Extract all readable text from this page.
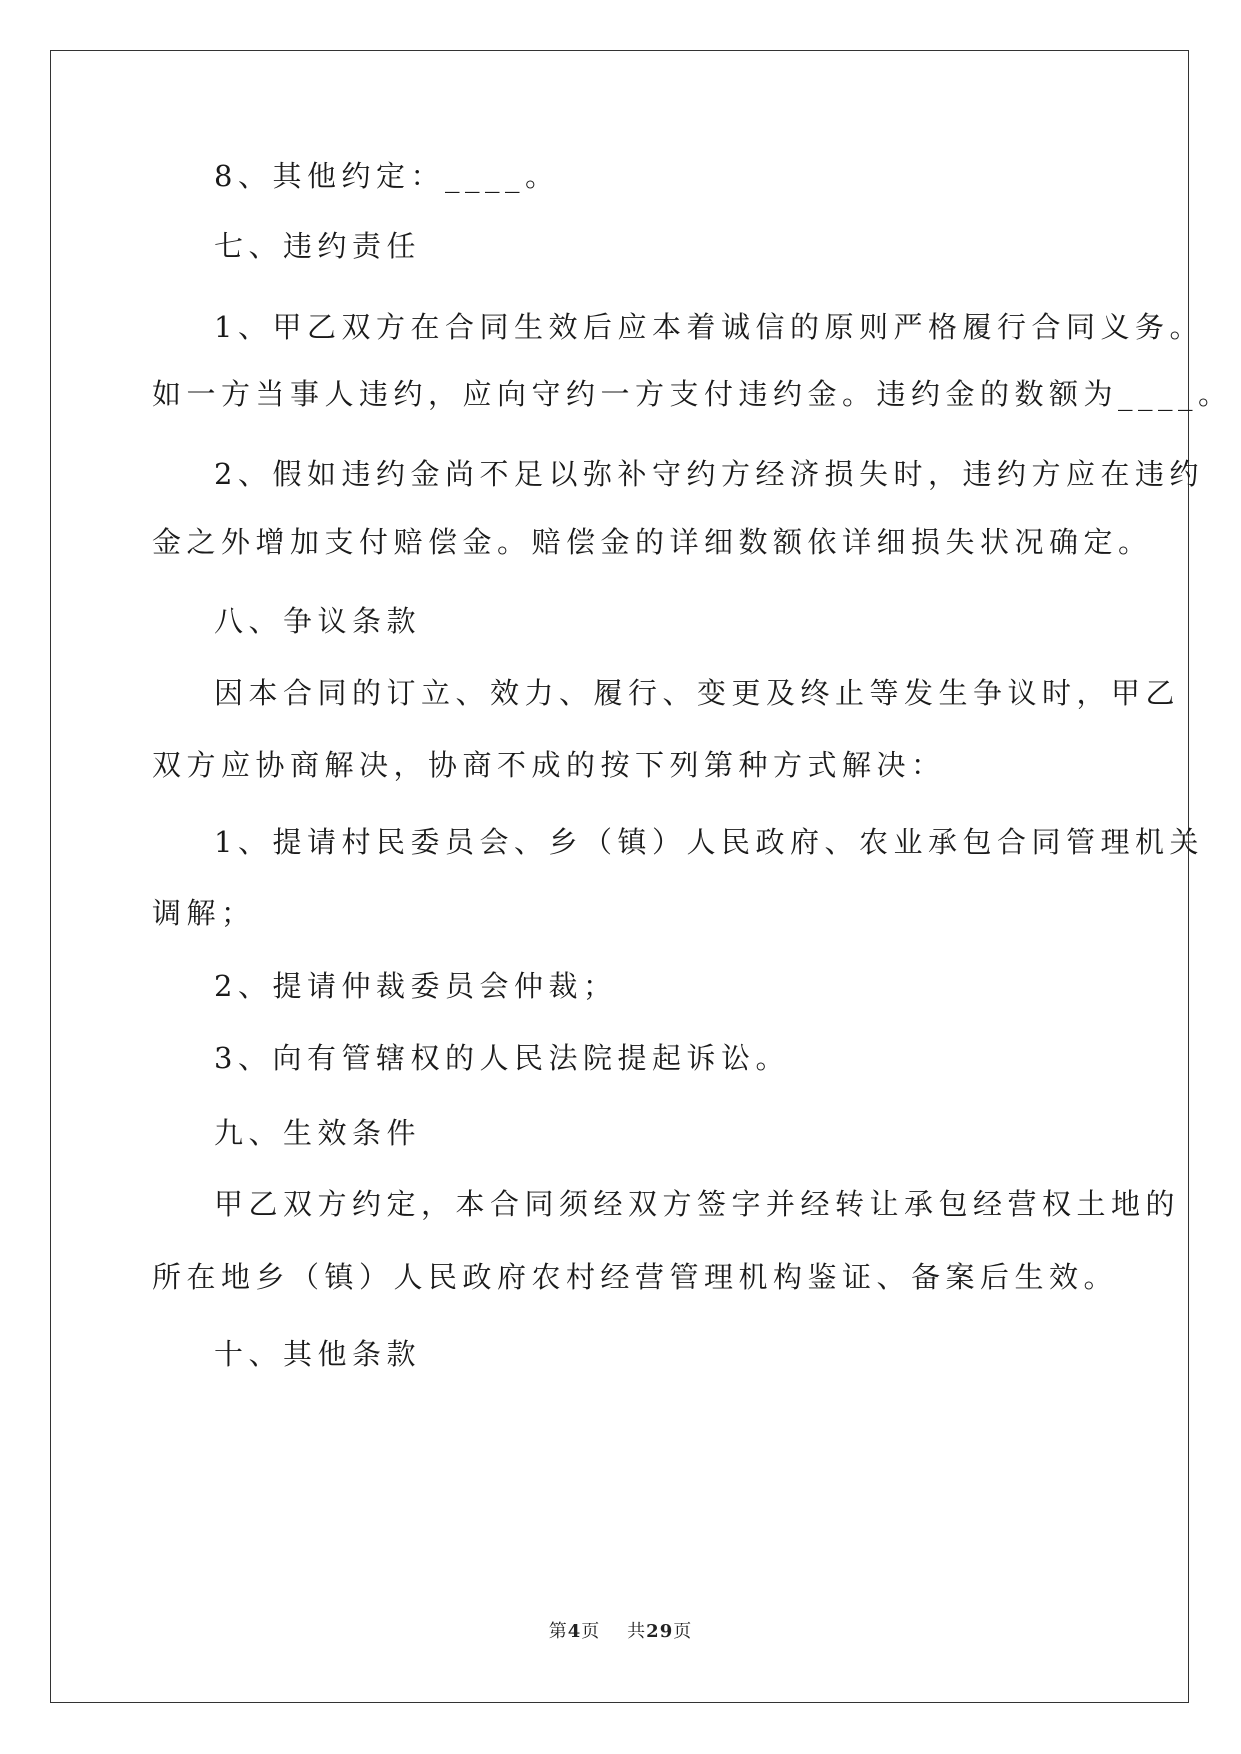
8、其他约定：____。
七、违约责任
1、甲乙双方在合同生效后应本着诚信的原则严格履行合同义务。
如一方当事人违约，应向守约一方支付违约金。违约金的数额为____。
2、假如违约金尚不足以弥补守约方经济损失时，违约方应在违约
金之外增加支付赔偿金。赔偿金的详细数额依详细损失状况确定。
八、争议条款
因本合同的订立、效力、履行、变更及终止等发生争议时，甲乙
双方应协商解决，协商不成的按下列第种方式解决：
1、提请村民委员会、乡（镇）人民政府、农业承包合同管理机关
调解；
2、提请仲裁委员会仲裁；
3、向有管辖权的人民法院提起诉讼。
九、生效条件
甲乙双方约定，本合同须经双方签字并经转让承包经营权土地的
所在地乡（镇）人民政府农村经营管理机构鉴证、备案后生效。
十、其他条款
第4页 共29页
